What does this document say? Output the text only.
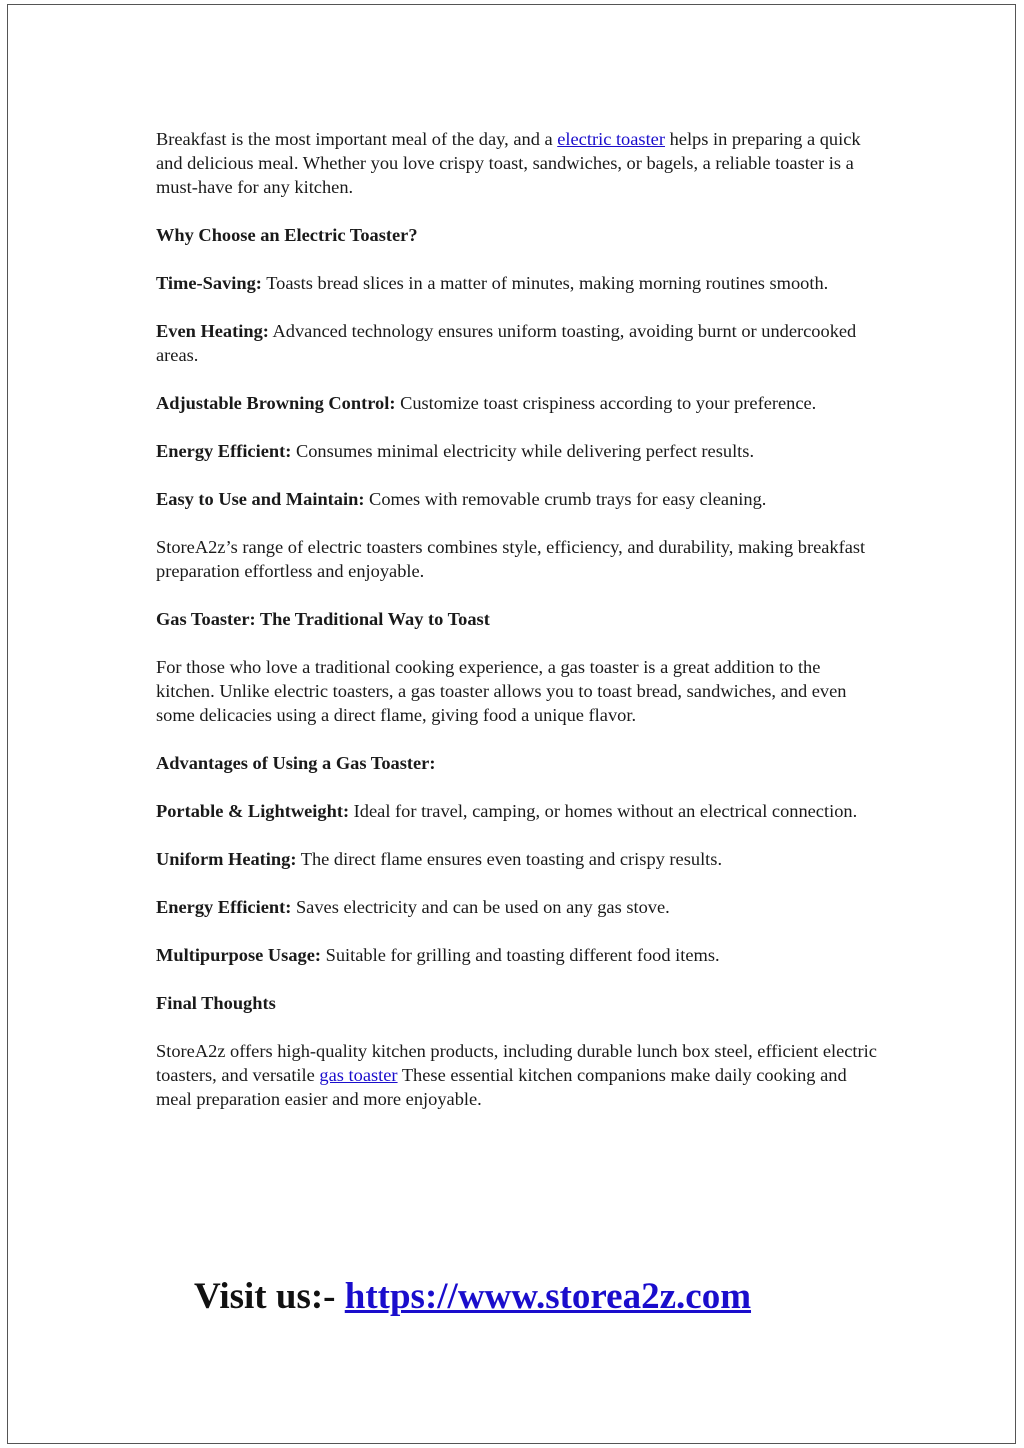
Breakfast is the most important meal of the day, and a electric toaster helps in preparing a quick and delicious meal. Whether you love crispy toast, sandwiches, or bagels, a reliable toaster is a must-have for any kitchen.

Why Choose an Electric Toaster?

Time-Saving: Toasts bread slices in a matter of minutes, making morning routines smooth.

Even Heating: Advanced technology ensures uniform toasting, avoiding burnt or undercooked areas.

Adjustable Browning Control: Customize toast crispiness according to your preference.

Energy Efficient: Consumes minimal electricity while delivering perfect results.

Easy to Use and Maintain: Comes with removable crumb trays for easy cleaning.

StoreA2z’s range of electric toasters combines style, efficiency, and durability, making breakfast preparation effortless and enjoyable.

Gas Toaster: The Traditional Way to Toast

For those who love a traditional cooking experience, a gas toaster is a great addition to the kitchen. Unlike electric toasters, a gas toaster allows you to toast bread, sandwiches, and even some delicacies using a direct flame, giving food a unique flavor.

Advantages of Using a Gas Toaster:

Portable & Lightweight: Ideal for travel, camping, or homes without an electrical connection.

Uniform Heating: The direct flame ensures even toasting and crispy results.

Energy Efficient: Saves electricity and can be used on any gas stove.

Multipurpose Usage: Suitable for grilling and toasting different food items.

Final Thoughts

StoreA2z offers high-quality kitchen products, including durable lunch box steel, efficient electric toasters, and versatile gas toaster These essential kitchen companions make daily cooking and meal preparation easier and more enjoyable.

Visit us:- https://www.storea2z.com
